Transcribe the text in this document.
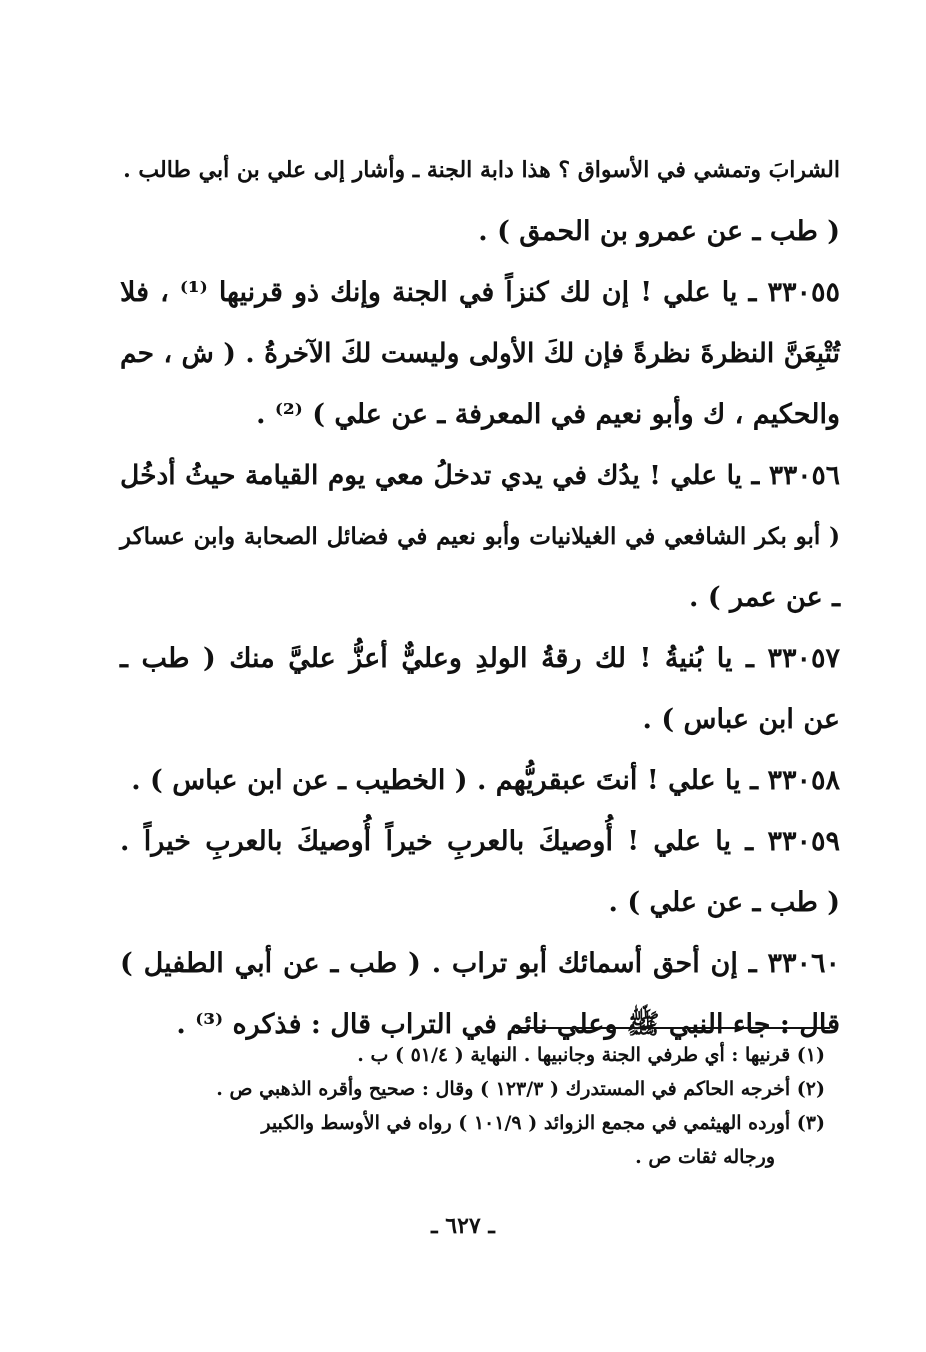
الشرابَ وتمشي في الأسواق ؟ هذا دابة الجنة ـ وأشار إلى علي بن أبي طالب .
( طب ـ عن عمرو بن الحمق ) .
٣٣٠٥٥ ـ يا علي ! إن لك كنزاً في الجنة وإنك ذو قرنيها ⁽¹⁾ ، فلا
تُتْبِعَنَّ النظرةَ نظرةً فإن لكَ الأولى وليست لكَ الآخرةُ . ( ش ، حم
والحكيم ، ك وأبو نعيم في المعرفة ـ عن علي ) ⁽²⁾ .
٣٣٠٥٦ ـ يا علي ! يدُك في يدي تدخلُ معي يوم القيامة حيثُ أدخُل
( أبو بكر الشافعي في الغيلانيات وأبو نعيم في فضائل الصحابة وابن عساكر
ـ عن عمر ) .
٣٣٠٥٧ ـ يا بُنيةُ ! لك رقةُ الولدِ وعليٌّ أعزُّ عليَّ منك ( طب ـ
عن ابن عباس ) .
٣٣٠٥٨ ـ يا علي ! أنتَ عبقريُّهم . ( الخطيب ـ عن ابن عباس ) .
٣٣٠٥٩ ـ يا علي ! أُوصيكَ بالعربِ خيراً أُوصيكَ بالعربِ خيراً .
( طب ـ عن علي ) .
٣٣٠٦٠ ـ إن أحق أسمائك أبو تراب . ( طب ـ عن أبي الطفيل )
قال : جاء النبي ﷺ وعلي نائم في التراب قال : فذكره ⁽³⁾ .
(١) قرنيها : أي طرفي الجنة وجانبيها . النهاية ( ٥١/٤ ) ب .
(٢) أخرجه الحاكم في المستدرك ( ١٢٣/٣ ) وقال : صحيح وأقره الذهبي ص .
(٣) أورده الهيثمي في مجمع الزوائد ( ١٠١/٩ ) رواه في الأوسط والكبير
ورجاله ثقات ص .
ـ ٦٢٧ ـ
